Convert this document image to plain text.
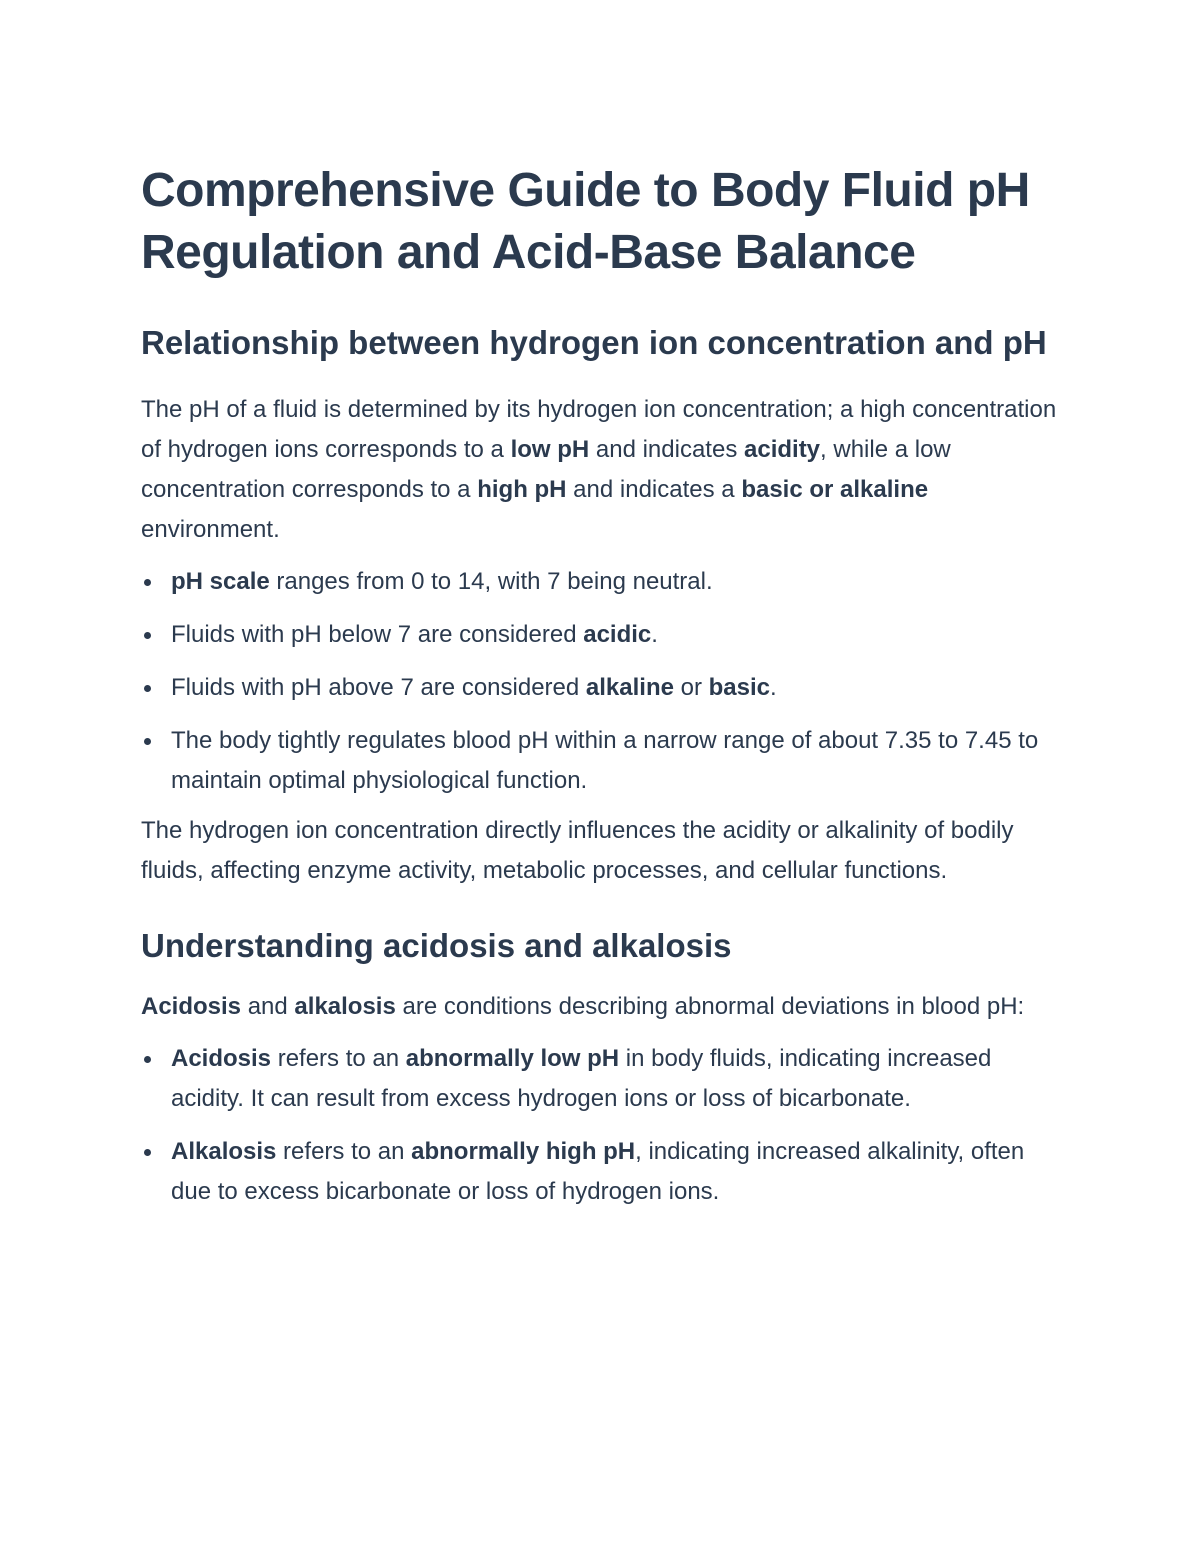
Comprehensive Guide to Body Fluid pH Regulation and Acid-Base Balance
Relationship between hydrogen ion concentration and pH

The pH of a fluid is determined by its hydrogen ion concentration; a high concentration of hydrogen ions corresponds to a low pH and indicates acidity, while a low concentration corresponds to a high pH and indicates a basic or alkaline environment.

pH scale ranges from 0 to 14, with 7 being neutral.
Fluids with pH below 7 are considered acidic.
Fluids with pH above 7 are considered alkaline or basic.
The body tightly regulates blood pH within a narrow range of about 7.35 to 7.45 to maintain optimal physiological function.

The hydrogen ion concentration directly influences the acidity or alkalinity of bodily fluids, affecting enzyme activity, metabolic processes, and cellular functions.

Understanding acidosis and alkalosis

Acidosis and alkalosis are conditions describing abnormal deviations in blood pH:

Acidosis refers to an abnormally low pH in body fluids, indicating increased acidity. It can result from excess hydrogen ions or loss of bicarbonate.
Alkalosis refers to an abnormally high pH, indicating increased alkalinity, often due to excess bicarbonate or loss of hydrogen ions.
